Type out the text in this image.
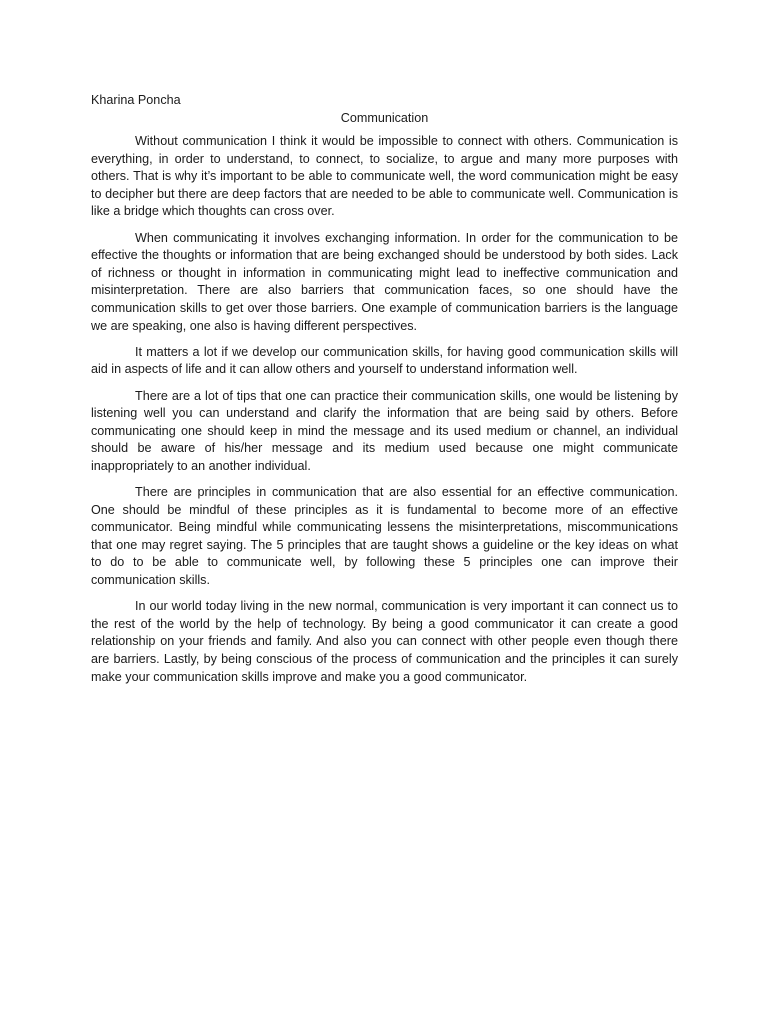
Kharina Poncha

Communication

Without communication I think it would be impossible to connect with others. Communication is everything, in order to understand, to connect, to socialize, to argue and many more purposes with others. That is why it’s important to be able to communicate well, the word communication might be easy to decipher but there are deep factors that are needed to be able to communicate well. Communication is like a bridge which thoughts can cross over.

When communicating it involves exchanging information. In order for the communication to be effective the thoughts or information that are being exchanged should be understood by both sides. Lack of richness or thought in information in communicating might lead to ineffective communication and misinterpretation. There are also barriers that communication faces, so one should have the communication skills to get over those barriers. One example of communication barriers is the language we are speaking, one also is having different perspectives.

It matters a lot if we develop our communication skills, for having good communication skills will aid in aspects of life and it can allow others and yourself to understand information well.

There are a lot of tips that one can practice their communication skills, one would be listening by listening well you can understand and clarify the information that are being said by others. Before communicating one should keep in mind the message and its used medium or channel, an individual should be aware of his/her message and its medium used because one might communicate inappropriately to an another individual.

There are principles in communication that are also essential for an effective communication. One should be mindful of these principles as it is fundamental to become more of an effective communicator. Being mindful while communicating lessens the misinterpretations, miscommunications that one may regret saying. The 5 principles that are taught shows a guideline or the key ideas on what to do to be able to communicate well, by following these 5 principles one can improve their communication skills.

In our world today living in the new normal, communication is very important it can connect us to the rest of the world by the help of technology. By being a good communicator it can create a good relationship on your friends and family. And also you can connect with other people even though there are barriers. Lastly, by being conscious of the process of communication and the principles it can surely make your communication skills improve and make you a good communicator.
